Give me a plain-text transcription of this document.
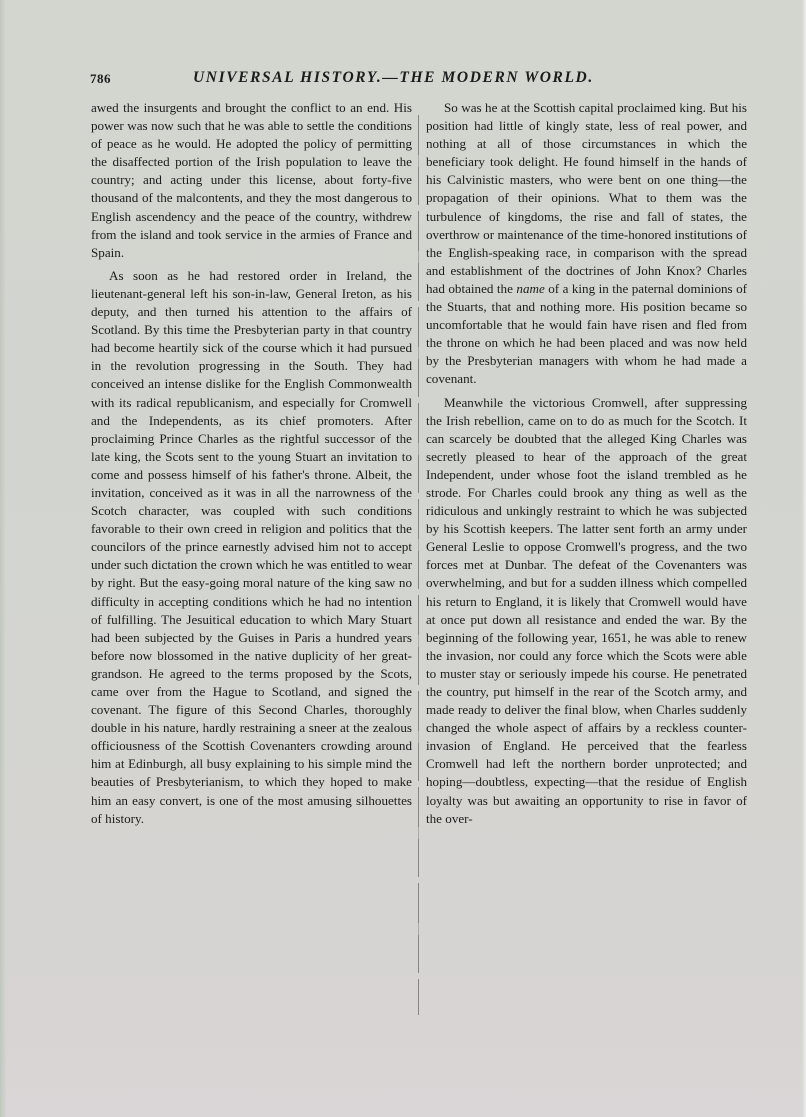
786	UNIVERSAL HISTORY.—THE MODERN WORLD.

awed the insurgents and brought the conflict to an end. His power was now such that he was able to settle the conditions of peace as he would. He adopted the policy of permitting the disaffected portion of the Irish population to leave the country; and acting under this license, about forty-five thousand of the malcontents, and they the most dangerous to English ascendency and the peace of the country, withdrew from the island and took service in the armies of France and Spain.

As soon as he had restored order in Ireland, the lieutenant-general left his son-in-law, General Ireton, as his deputy, and then turned his attention to the affairs of Scotland. By this time the Presbyterian party in that country had become heartily sick of the course which it had pursued in the revolution progressing in the South. They had conceived an intense dislike for the English Commonwealth with its radical republicanism, and especially for Cromwell and the Independents, as its chief promoters. After proclaiming Prince Charles as the rightful successor of the late king, the Scots sent to the young Stuart an invitation to come and possess himself of his father's throne. Albeit, the invitation, conceived as it was in all the narrowness of the Scotch character, was coupled with such conditions favorable to their own creed in religion and politics that the councilors of the prince earnestly advised him not to accept under such dictation the crown which he was entitled to wear by right. But the easy-going moral nature of the king saw no difficulty in accepting conditions which he had no intention of fulfilling. The Jesuitical education to which Mary Stuart had been subjected by the Guises in Paris a hundred years before now blossomed in the native duplicity of her great-grandson. He agreed to the terms proposed by the Scots, came over from the Hague to Scotland, and signed the covenant. The figure of this Second Charles, thoroughly double in his nature, hardly restraining a sneer at the zealous officiousness of the Scottish Covenanters crowding around him at Edinburgh, all busy explaining to his simple mind the beauties of Presbyterianism, to which they hoped to make him an easy convert, is one of the most amusing silhouettes of history.

So was he at the Scottish capital proclaimed king. But his position had little of kingly state, less of real power, and nothing at all of those circumstances in which the beneficiary took delight. He found himself in the hands of his Calvinistic masters, who were bent on one thing—the propagation of their opinions. What to them was the turbulence of kingdoms, the rise and fall of states, the overthrow or maintenance of the time-honored institutions of the English-speaking race, in comparison with the spread and establishment of the doctrines of John Knox? Charles had obtained the name of a king in the paternal dominions of the Stuarts, that and nothing more. His position became so uncomfortable that he would fain have risen and fled from the throne on which he had been placed and was now held by the Presbyterian managers with whom he had made a covenant.

Meanwhile the victorious Cromwell, after suppressing the Irish rebellion, came on to do as much for the Scotch. It can scarcely be doubted that the alleged King Charles was secretly pleased to hear of the approach of the great Independent, under whose foot the island trembled as he strode. For Charles could brook any thing as well as the ridiculous and unkingly restraint to which he was subjected by his Scottish keepers. The latter sent forth an army under General Leslie to oppose Cromwell's progress, and the two forces met at Dunbar. The defeat of the Covenanters was overwhelming, and but for a sudden illness which compelled his return to England, it is likely that Cromwell would have at once put down all resistance and ended the war. By the beginning of the following year, 1651, he was able to renew the invasion, nor could any force which the Scots were able to muster stay or seriously impede his course. He penetrated the country, put himself in the rear of the Scotch army, and made ready to deliver the final blow, when Charles suddenly changed the whole aspect of affairs by a reckless counter-invasion of England. He perceived that the fearless Cromwell had left the northern border unprotected; and hoping—doubtless, expecting—that the residue of English loyalty was but awaiting an opportunity to rise in favor of the over-
